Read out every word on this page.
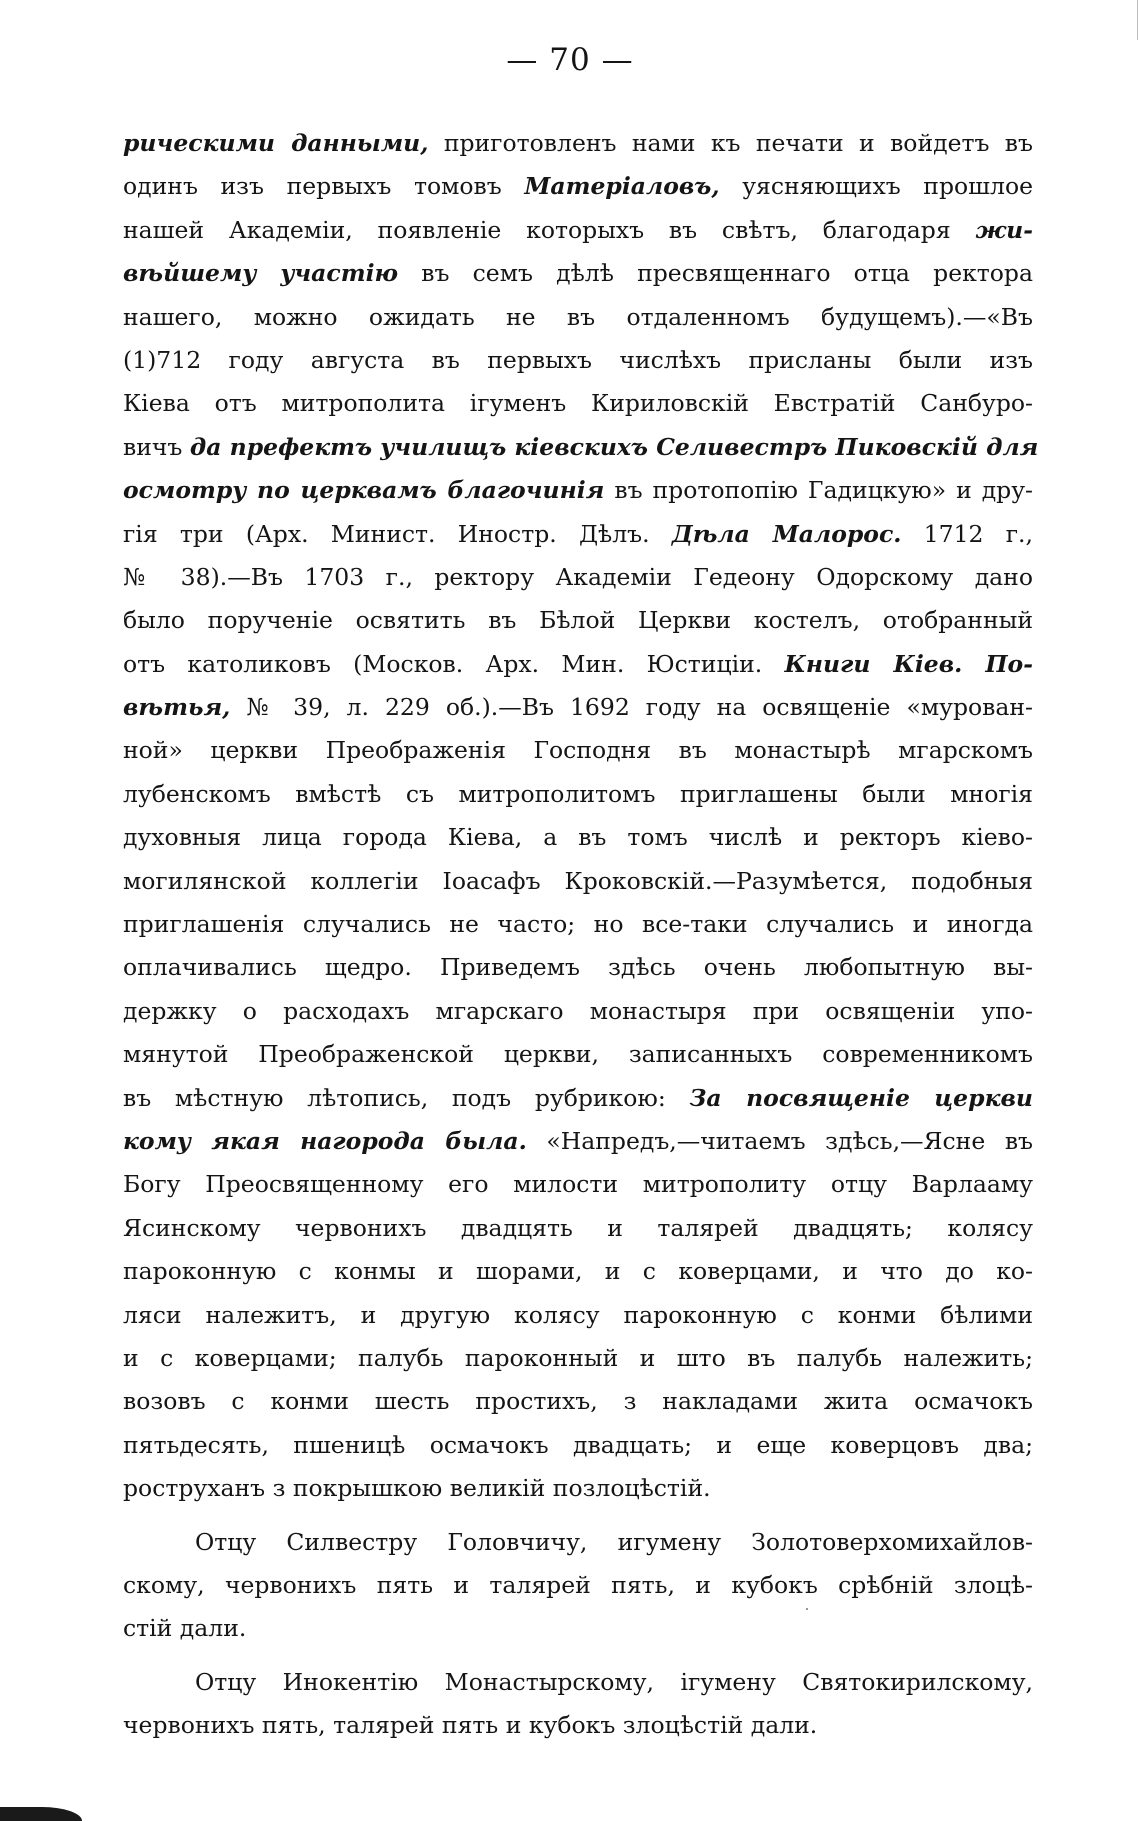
— 70 —
рическими данными, приготовленъ нами къ печати и войдетъ въ
одинъ изъ первыхъ томовъ Матеріаловъ, уясняющихъ прошлое
нашей Академіи, появленіе которыхъ въ свѣтъ, благодаря жи-
вѣйшему участію въ семъ дѣлѣ пресвященнаго отца ректора
нашего, можно ожидать не въ отдаленномъ будущемъ).—«Въ
(1)712 году августа въ первыхъ числѣхъ присланы были изъ
Кіева отъ митрополита ігуменъ Кириловскій Евстратій Санбуро-
вичъ да префектъ училищъ кіевскихъ Селивестръ Пиковскій для
осмотру по церквамъ благочинія въ протопопію Гадицкую» и дру-
гія три (Арх. Минист. Иностр. Дѣлъ. Дѣла Малорос. 1712 г.,
№ 38).—Въ 1703 г., ректору Академіи Гедеону Одорскому дано
было порученіе освятить въ Бѣлой Церкви костелъ, отобранный
отъ католиковъ (Москов. Арх. Мин. Юстиціи. Книги Кіев. По-
вѣтья, № 39, л. 229 об.).—Въ 1692 году на освященіе «мурован-
ной» церкви Преображенія Господня въ монастырѣ мгарскомъ
лубенскомъ вмѣстѣ съ митрополитомъ приглашены были многія
духовныя лица города Кіева, а въ томъ числѣ и ректоръ кіево-
могилянской коллегіи Іоасафъ Кроковскій.—Разумѣется, подобныя
приглашенія случались не часто; но все-таки случались и иногда
оплачивались щедро. Приведемъ здѣсь очень любопытную вы-
держку о расходахъ мгарскаго монастыря при освященіи упо-
мянутой Преображенской церкви, записанныхъ современникомъ
въ мѣстную лѣтопись, подъ рубрикою: За посвященіе церкви
кому якая нагорода была. «Напредъ,—читаемъ здѣсь,—Ясне въ
Богу Преосвященному его милости митрополиту отцу Варлааму
Ясинскому червонихъ двадцять и талярей двадцять; колясу
пароконную с конмы и шорами, и с коверцами, и что до ко-
ляси належитъ, и другую колясу пароконную с конми бѣлими
и с коверцами; палубь пароконный и што въ палубь належить;
возовъ с конми шесть простихъ, з накладами жита осмачокъ
пятьдесять, пшеницѣ осмачокъ двадцать; и еще коверцовъ два;
роструханъ з покрышкою великій позлоцѣстій.
Отцу Силвестру Головчичу, игумену Золотоверхомихайлов-
скому, червонихъ пять и талярей пять, и кубокъ срѣбній злоцѣ-
стій дали.
Отцу Инокентію Монастырскому, ігумену Святокирилскому,
червонихъ пять, талярей пять и кубокъ злоцѣстій дали.
